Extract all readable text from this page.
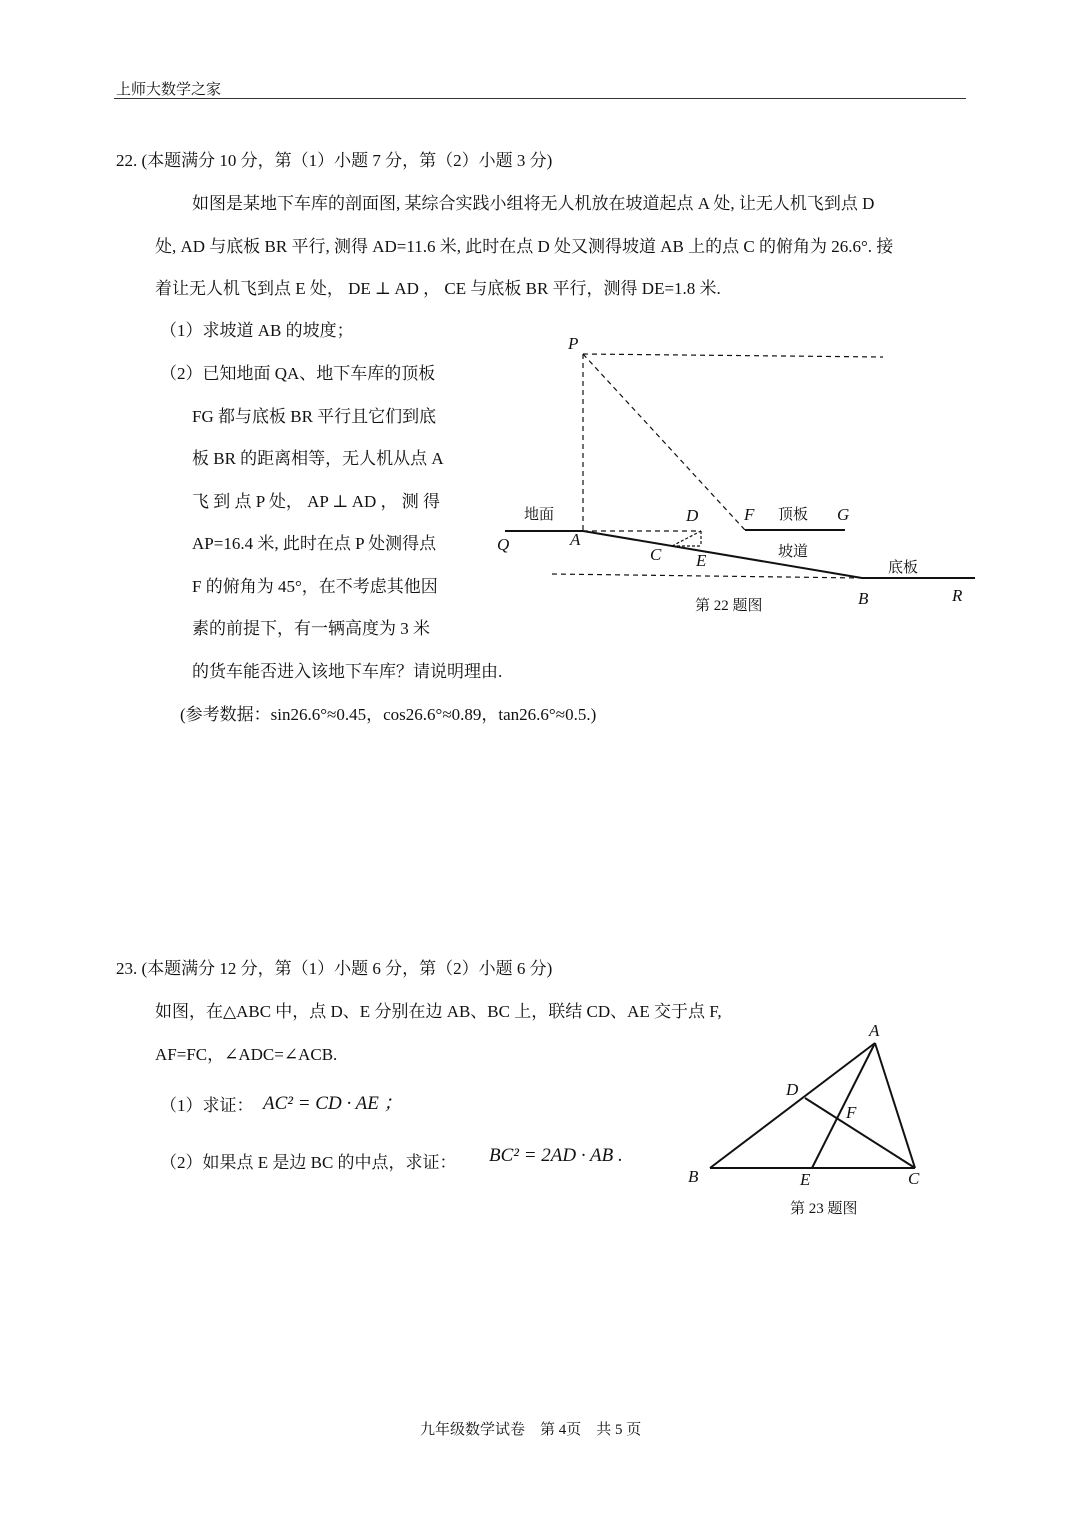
上师大数学之家
22. (本题满分 10 分，第（1）小题 7 分，第（2）小题 3 分)
如图是某地下车库的剖面图, 某综合实践小组将无人机放在坡道起点 A 处, 让无人机飞到点 D
处, AD 与底板 BR 平行, 测得 AD=11.6 米, 此时在点 D 处又测得坡道 AB 上的点 C 的俯角为 26.6°. 接
着让无人机飞到点 E 处， DE ⊥ AD ， CE 与底板 BR 平行，测得 DE=1.8 米.
（1）求坡道 AB 的坡度；
（2）已知地面 QA、地下车库的顶板
FG 都与底板 BR 平行且它们到底
板 BR 的距离相等，无人机从点 A
飞 到 点 P 处， AP ⊥ AD ， 测 得
AP=16.4 米, 此时在点 P 处测得点
F 的俯角为 45°，在不考虑其他因
素的前提下，有一辆高度为 3 米
的货车能否进入该地下车库？请说明理由.
(参考数据：sin26.6°≈0.45，cos26.6°≈0.89，tan26.6°≈0.5.)
P
Q	A
D
C E
F	G
B	R
地面	顶板
坡道
底板
第 22 题图
23. (本题满分 12 分，第（1）小题 6 分，第（2）小题 6 分)
如图，在△ABC 中，点 D、E 分别在边 AB、BC 上，联结 CD、AE 交于点 F,
AF=FC，∠ADC=∠ACB.
（1）求证： AC² = CD · AE ；
（2）如果点 E 是边 BC 的中点，求证： BC² = 2AD · AB .
A
B	C
D
E
F
第 23 题图
九年级数学试卷　第 4页　共 5 页
